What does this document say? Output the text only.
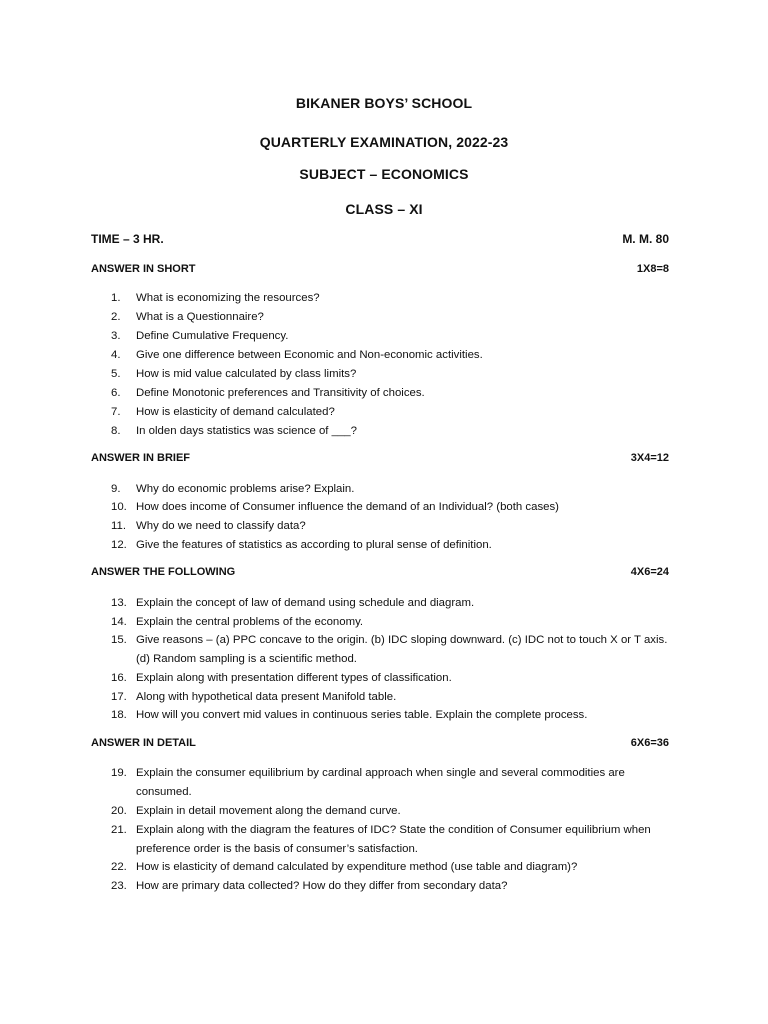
BIKANER BOYS’ SCHOOL
QUARTERLY EXAMINATION, 2022-23
SUBJECT – ECONOMICS
CLASS – XI
TIME – 3 HR.	M. M. 80
ANSWER IN SHORT	1X8=8
1.	What is economizing the resources?
2.	What is a Questionnaire?
3.	Define Cumulative Frequency.
4.	Give one difference between Economic and Non-economic activities.
5.	How is mid value calculated by class limits?
6.	Define Monotonic preferences and Transitivity of choices.
7.	How is elasticity of demand calculated?
8.	In olden days statistics was science of ___?
ANSWER IN BRIEF	3X4=12
9.	Why do economic problems arise? Explain.
10. How does income of Consumer influence the demand of an Individual? (both cases)
11. Why do we need to classify data?
12. Give the features of statistics as according to plural sense of definition.
ANSWER THE FOLLOWING	4X6=24
13. Explain the concept of law of demand using schedule and diagram.
14. Explain the central problems of the economy.
15. Give reasons – (a) PPC concave to the origin. (b) IDC sloping downward. (c) IDC not to touch X or T axis. (d) Random sampling is a scientific method.
16. Explain along with presentation different types of classification.
17. Along with hypothetical data present Manifold table.
18. How will you convert mid values in continuous series table. Explain the complete process.
ANSWER IN DETAIL	6X6=36
19. Explain the consumer equilibrium by cardinal approach when single and several commodities are consumed.
20. Explain in detail movement along the demand curve.
21. Explain along with the diagram the features of IDC? State the condition of Consumer equilibrium when preference order is the basis of consumer’s satisfaction.
22. How is elasticity of demand calculated by expenditure method (use table and diagram)?
23. How are primary data collected? How do they differ from secondary data?
